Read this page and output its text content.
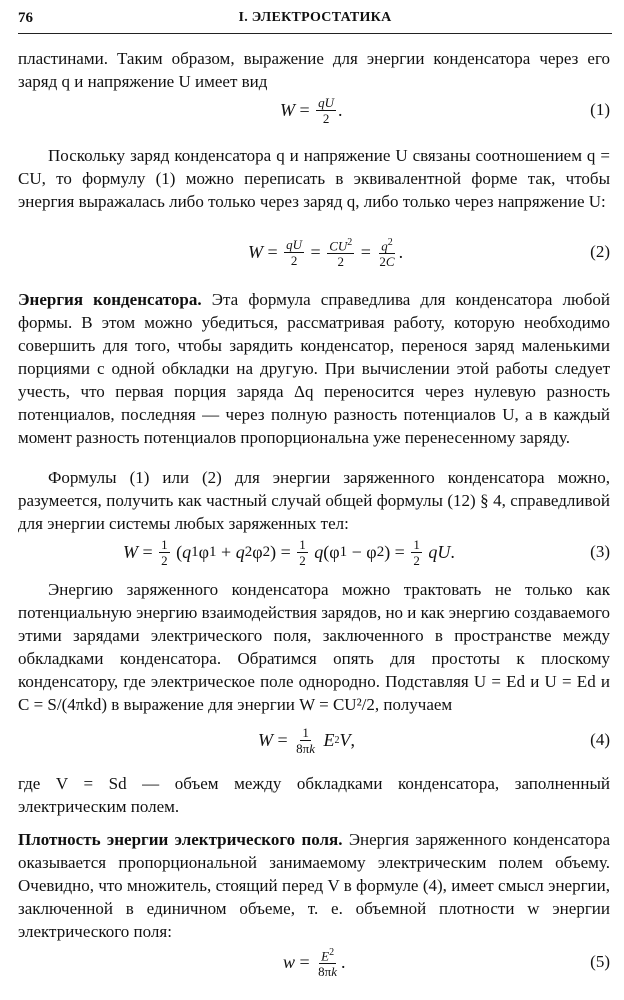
76	I. ЭЛЕКТРОСТАТИКА

пластинами. Таким образом, выражение для энергии конденсатора через его заряд q и напряжение U имеет вид

$W = \frac{qU}{2}$ .	(1)

Поскольку заряд конденсатора q и напряжение U связаны соотношением q = CU, то формулу (1) можно переписать в эквивалентной форме так, чтобы энергия выражалась либо только через заряд q, либо только через напряжение U:

$W = \frac{qU}{2} = \frac{CU^2}{2} = \frac{q^2}{2C}$ .	(2)

Энергия конденсатора. Эта формула справедлива для конденсатора любой формы. В этом можно убедиться, рассматривая работу, которую необходимо совершить для того, чтобы зарядить конденсатор, перенося заряд маленькими порциями с одной обкладки на другую. При вычислении этой работы следует учесть, что первая порция заряда Δq переносится через нулевую разность потенциалов, последняя — через полную разность потенциалов U, а в каждый момент разность потенциалов пропорциональна уже перенесенному заряду.

Формулы (1) или (2) для энергии заряженного конденсатора можно, разумеется, получить как частный случай общей формулы (12) § 4, справедливой для энергии системы любых заряженных тел:

$W = \frac{1}{2}$ ( q 1 φ 1 + q 2 φ 2 ) = $\frac{1}{2}$
q (φ 1 − φ 2 ) = $\frac{1}{2}$
qU .	(3)

Энергию заряженного конденсатора можно трактовать не только как потенциальную энергию взаимодействия зарядов, но и как энергию создаваемого этими зарядами электрического поля, заключенного в пространстве между обкладками конденсатора. Обратимся опять для простоты к плоскому конденсатору, где электрическое поле однородно. Подставляя U = Ed и U = Ed и C = S/(4πkd) в выражение для энергии W = CU²/2, получаем

$W = \frac{1}{8\pi k}$
E 2 V ,	(4)

где V = Sd — объем между обкладками конденсатора, заполненный электрическим полем.

Плотность энергии электрического поля. Энергия заряженного конденсатора оказывается пропорциональной занимаемому электрическим полем объему. Очевидно, что множитель, стоящий перед V в формуле (4), имеет смысл энергии, заключенной в единичном объеме, т. е. объемной плотности w энергии электрического поля:

$w = \frac{E^2}{8\pi k}$ .	(5)
